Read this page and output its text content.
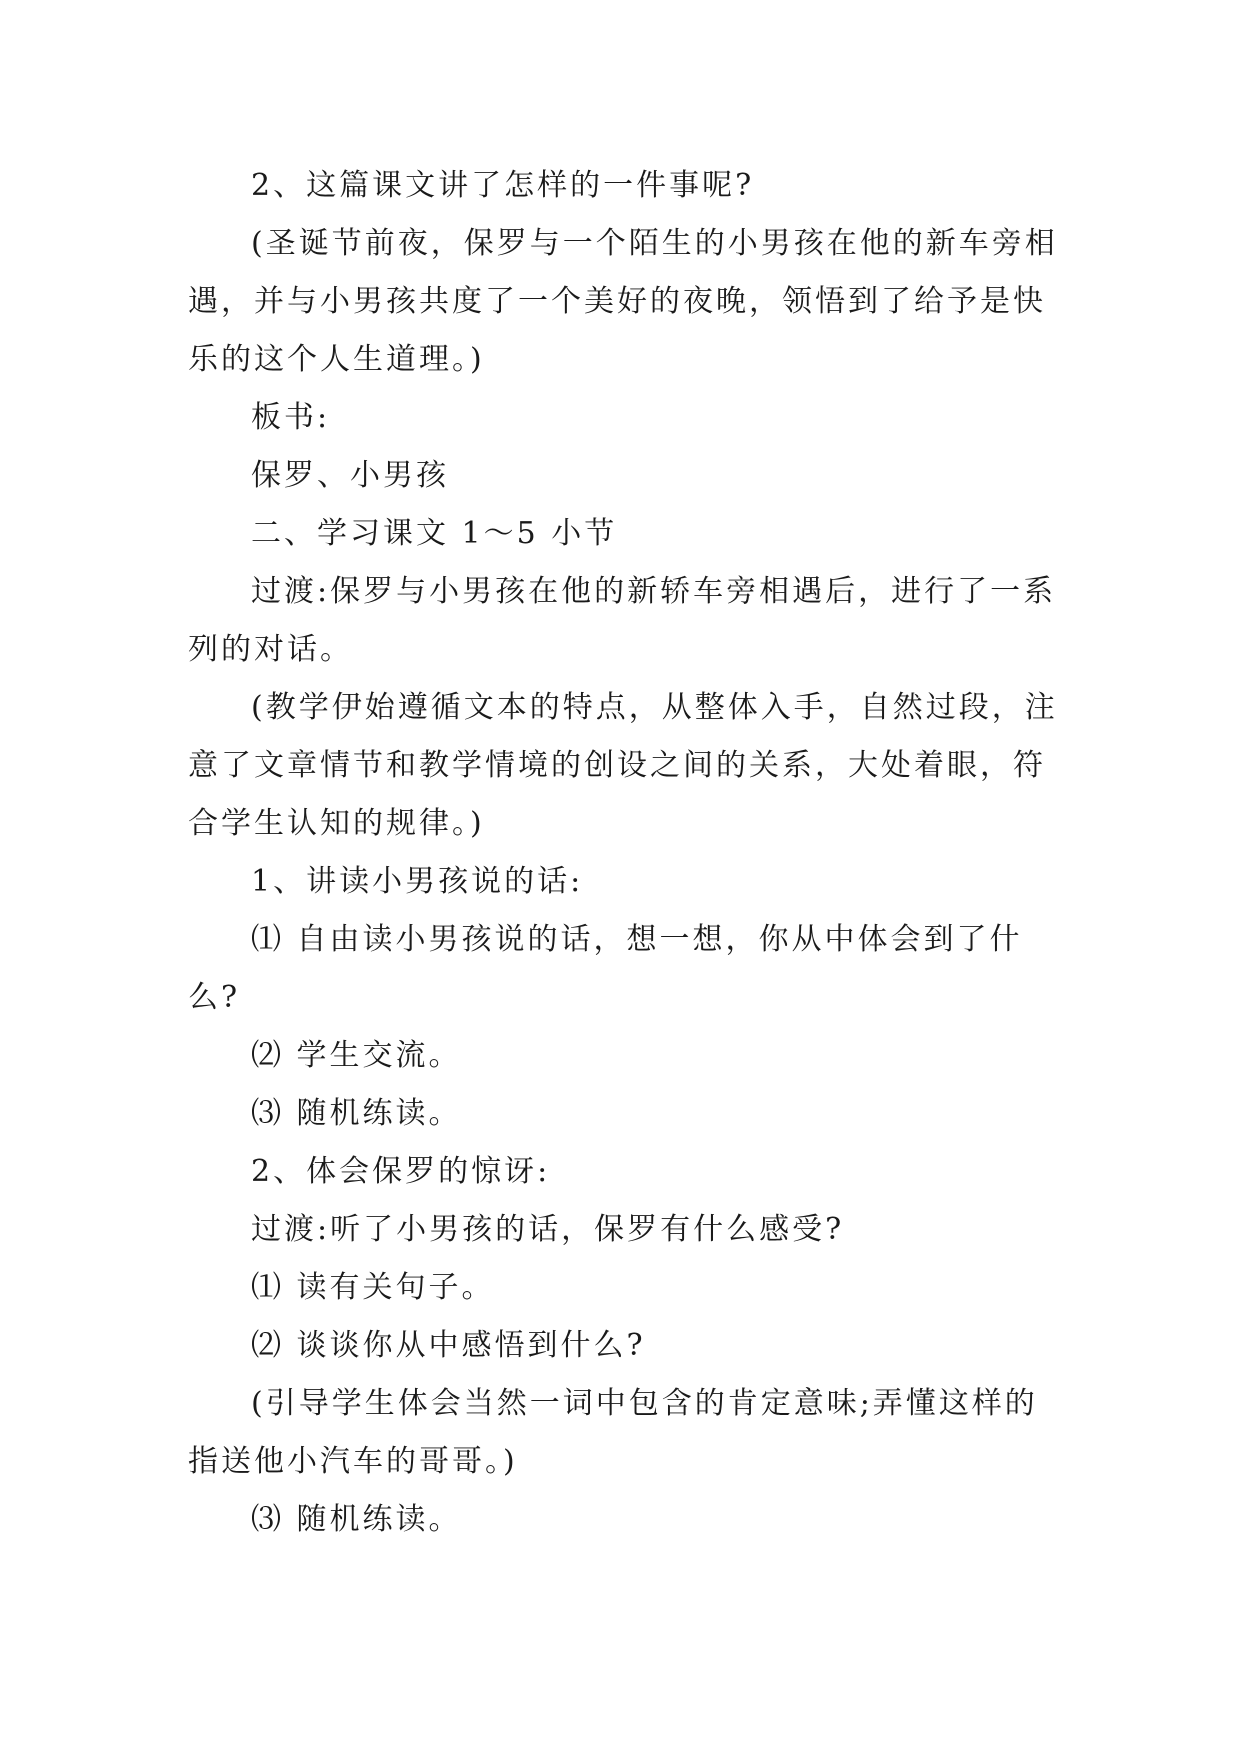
2、这篇课文讲了怎样的一件事呢?

(圣诞节前夜，保罗与一个陌生的小男孩在他的新车旁相遇，并与小男孩共度了一个美好的夜晚，领悟到了给予是快乐的这个人生道理。)

板书:

保罗、小男孩

二、学习课文 1～5 小节

过渡:保罗与小男孩在他的新轿车旁相遇后，进行了一系列的对话。

(教学伊始遵循文本的特点，从整体入手，自然过段，注意了文章情节和教学情境的创设之间的关系，大处着眼，符合学生认知的规律。)

1、讲读小男孩说的话:

⑴ 自由读小男孩说的话，想一想，你从中体会到了什么?

⑵ 学生交流。

⑶ 随机练读。

2、体会保罗的惊讶:

过渡:听了小男孩的话，保罗有什么感受?

⑴ 读有关句子。

⑵ 谈谈你从中感悟到什么?

(引导学生体会当然一词中包含的肯定意味;弄懂这样的指送他小汽车的哥哥。)

⑶ 随机练读。
